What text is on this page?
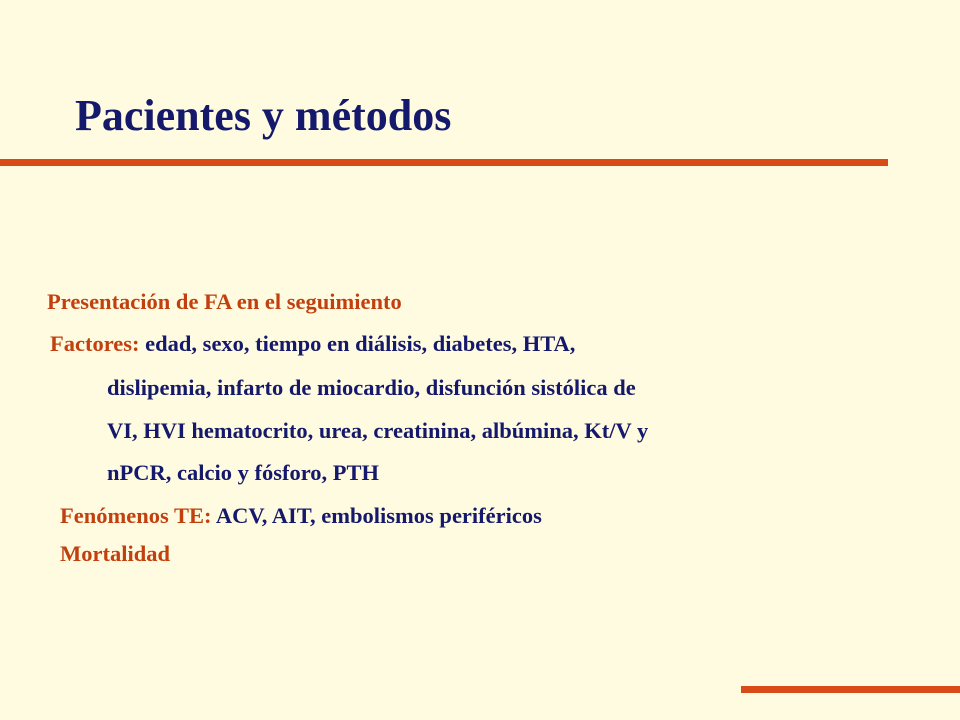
Pacientes y métodos

Presentación de FA en el seguimiento

Factores: edad, sexo, tiempo en diálisis, diabetes, HTA,

dislipemia, infarto de miocardio, disfunción sistólica de

VI, HVI hematocrito, urea, creatinina, albúmina, Kt/V y

nPCR, calcio y fósforo, PTH

Fenómenos TE: ACV, AIT, embolismos periféricos

Mortalidad
